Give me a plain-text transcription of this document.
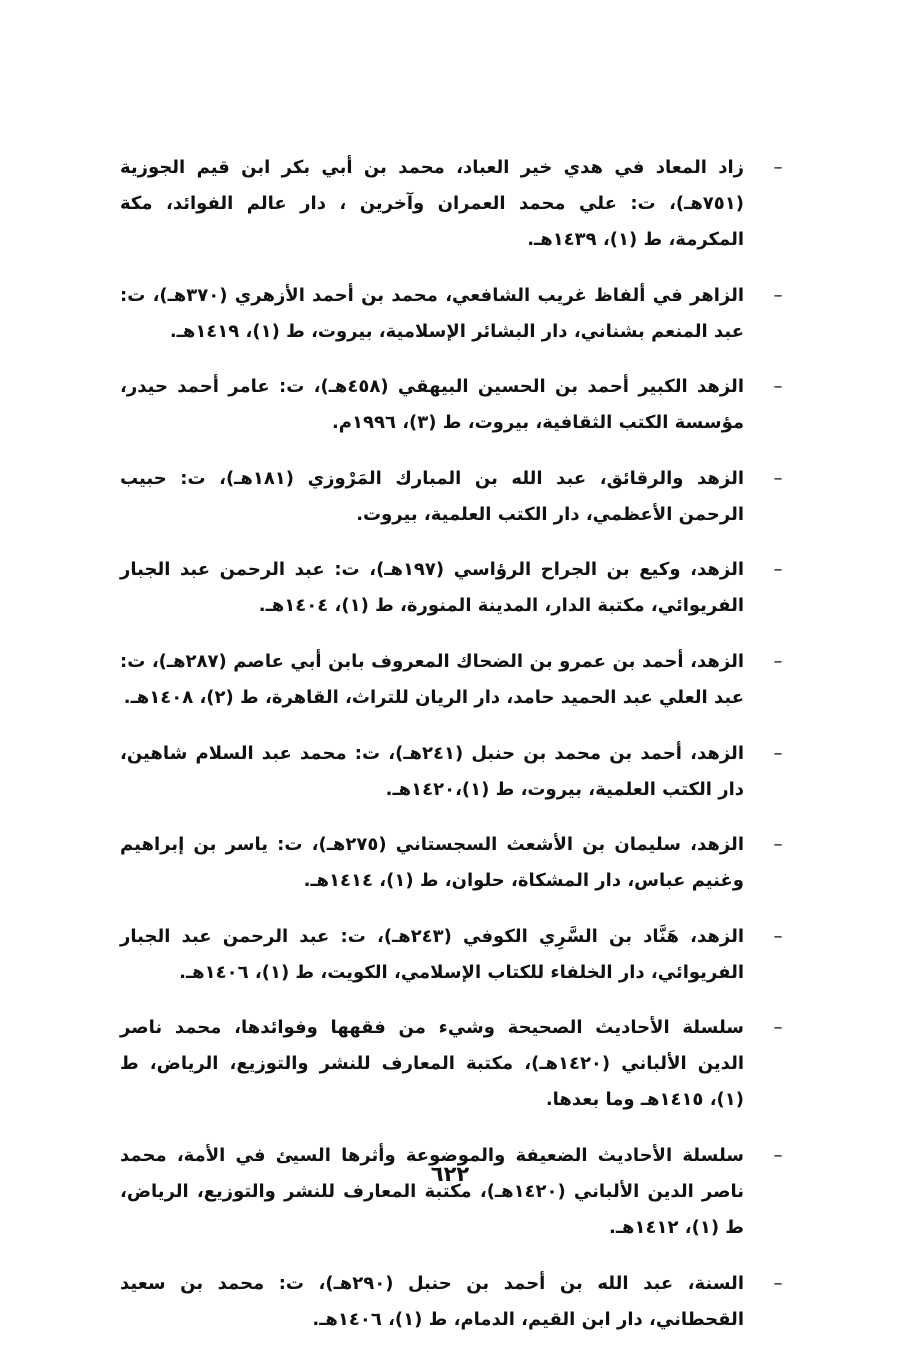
–
زاد المعاد في هدي خير العباد، محمد بن أبي بكر ابن قيم الجوزية (٧٥١هـ)، ت: علي محمد العمران وآخرين ، دار عالم الفوائد، مكة المكرمة، ط (١)، ١٤٣٩هـ.
–
الزاهر في ألفاظ غريب الشافعي، محمد بن أحمد الأزهري (٣٧٠هـ)، ت: عبد المنعم بشناني، دار البشائر الإسلامية، بيروت، ط (١)، ١٤١٩هـ.
–
الزهد الكبير أحمد بن الحسين البيهقي (٤٥٨هـ)، ت: عامر أحمد حيدر، مؤسسة الكتب الثقافية، بيروت، ط (٣)، ١٩٩٦م.
–
الزهد والرقائق، عبد الله بن المبارك المَرْوزي (١٨١هـ)، ت: حبيب الرحمن الأعظمي، دار الكتب العلمية، بيروت.
–
الزهد، وكيع بن الجراح الرؤاسي (١٩٧هـ)، ت: عبد الرحمن عبد الجبار الفريوائي، مكتبة الدار، المدينة المنورة، ط (١)، ١٤٠٤هـ.
–
الزهد، أحمد بن عمرو بن الضحاك المعروف بابن أبي عاصم (٢٨٧هـ)، ت: عبد العلي عبد الحميد حامد، دار الريان للتراث، القاهرة، ط (٢)، ١٤٠٨هـ.
–
الزهد، أحمد بن محمد بن حنبل (٢٤١هـ)، ت: محمد عبد السلام شاهين، دار الكتب العلمية، بيروت، ط (١)،١٤٢٠هـ.
–
الزهد، سليمان بن الأشعث السجستاني (٢٧٥هـ)، ت: ياسر بن إبراهيم وغنيم عباس، دار المشكاة، حلوان، ط (١)، ١٤١٤هـ.
–
الزهد، هَنَّاد بن السَّرِي الكوفي (٢٤٣هـ)، ت: عبد الرحمن عبد الجبار الفريوائي، دار الخلفاء للكتاب الإسلامي، الكويت، ط (١)، ١٤٠٦هـ.
–
سلسلة الأحاديث الصحيحة وشيء من فقهها وفوائدها، محمد ناصر الدين الألباني (١٤٢٠هـ)، مكتبة المعارف للنشر والتوزيع، الرياض، ط (١)، ١٤١٥هـ وما بعدها.
–
سلسلة الأحاديث الضعيفة والموضوعة وأثرها السيئ في الأمة، محمد ناصر الدين الألباني (١٤٢٠هـ)، مكتبة المعارف للنشر والتوزيع، الرياض، ط (١)، ١٤١٢هـ.
–
السنة، عبد الله بن أحمد بن حنبل (٢٩٠هـ)، ت: محمد بن سعيد القحطاني، دار ابن القيم، الدمام، ط (١)، ١٤٠٦هـ.
٦٢٢
